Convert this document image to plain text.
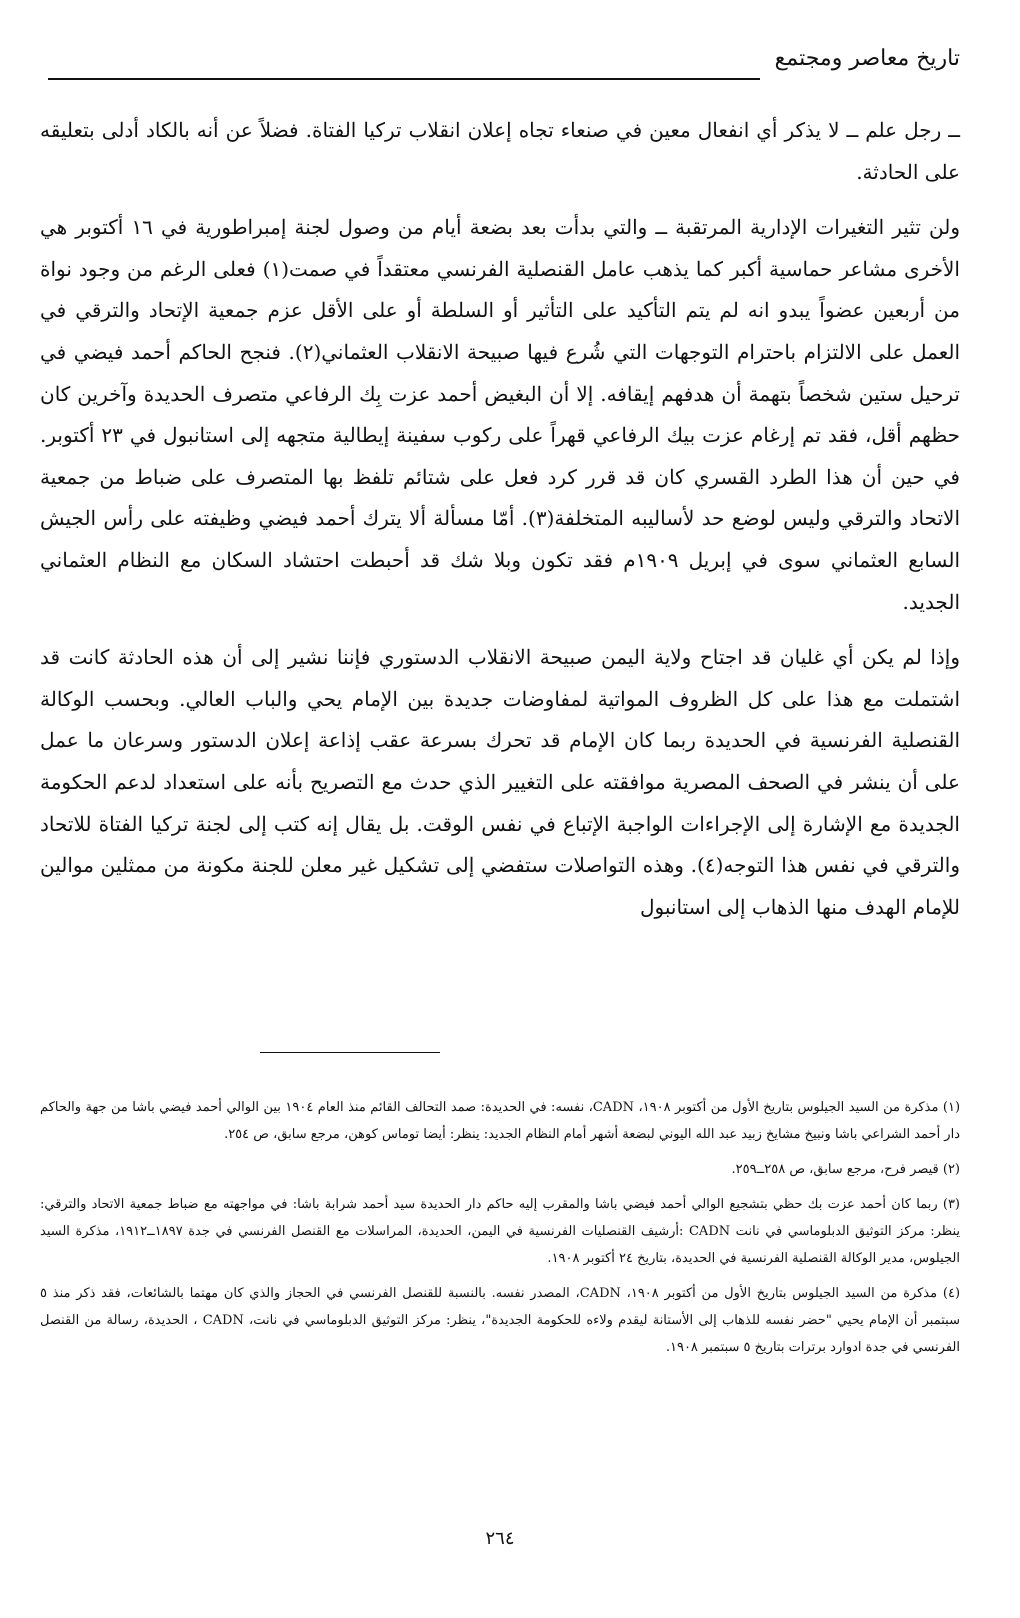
تاريخ معاصر ومجتمع

ــ رجل علم ــ لا يذكر أي انفعال معين في صنعاء تجاه إعلان انقلاب تركيا الفتاة. فضلاً عن أنه بالكاد أدلى بتعليقه على الحادثة.

ولن تثير التغيرات الإدارية المرتقبة ــ والتي بدأت بعد بضعة أيام من وصول لجنة إمبراطورية في ١٦ أكتوبر هي الأخرى مشاعر حماسية أكبر كما يذهب عامل القنصلية الفرنسي معتقداً في صمت(١) فعلى الرغم من وجود نواة من أربعين عضواً يبدو انه لم يتم التأكيد على التأثير أو السلطة أو على الأقل عزم جمعية الإتحاد والترقي في العمل على الالتزام باحترام التوجهات التي شُرع فيها صبيحة الانقلاب العثماني(٢). فنجح الحاكم أحمد فيضي في ترحيل ستين شخصاً بتهمة أن هدفهم إيقافه. إلا أن البغيض أحمد عزت بِك الرفاعي متصرف الحديدة وآخرين كان حظهم أقل، فقد تم إرغام عزت بيك الرفاعي قهراً على ركوب سفينة إيطالية متجهه إلى استانبول في ٢٣ أكتوبر. في حين أن هذا الطرد القسري كان قد قرر كرد فعل على شتائم تلفظ بها المتصرف على ضباط من جمعية الاتحاد والترقي وليس لوضع حد لأساليبه المتخلفة(٣). أمّا مسألة ألا يترك أحمد فيضي وظيفته على رأس الجيش السابع العثماني سوى في إبريل ١٩٠٩م فقد تكون وبلا شك قد أحبطت احتشاد السكان مع النظام العثماني الجديد.

وإذا لم يكن أي غليان قد اجتاح ولاية اليمن صبيحة الانقلاب الدستوري فإننا نشير إلى أن هذه الحادثة كانت قد اشتملت مع هذا على كل الظروف المواتية لمفاوضات جديدة بين الإمام يحي والباب العالي. وبحسب الوكالة القنصلية الفرنسية في الحديدة ربما كان الإمام قد تحرك بسرعة عقب إذاعة إعلان الدستور وسرعان ما عمل على أن ينشر في الصحف المصرية موافقته على التغيير الذي حدث مع التصريح بأنه على استعداد لدعم الحكومة الجديدة مع الإشارة إلى الإجراءات الواجبة الإتباع في نفس الوقت. بل يقال إنه كتب إلى لجنة تركيا الفتاة للاتحاد والترقي في نفس هذا التوجه(٤). وهذه التواصلات ستفضي إلى تشكيل غير معلن للجنة مكونة من ممثلين موالين للإمام الهدف منها الذهاب إلى استانبول

(١) مذكرة من السيد الجيلوس بتاريخ الأول من أكتوبر ١٩٠٨، CADN، نفسه: في الحديدة: صمد التحالف القائم منذ العام ١٩٠٤ بين الوالي أحمد فيضي باشا من جهة والحاكم دار أحمد الشراعي باشا ونبيخ مشايخ زبيد عبد الله اليوني لبضعة أشهر أمام النظام الجديد: ينظر: أيضا توماس كوهن، مرجع سابق، ص ٢٥٤.

(٢) قيصر فرح، مرجع سابق، ص ٢٥٨ــ٢٥٩.

(٣) ربما كان أحمد عزت بك حظي بتشجيع الوالي أحمد فيضي باشا والمقرب إليه حاكم دار الحديدة سيد أحمد شرابة باشا: في مواجهته مع ضباط جمعية الاتحاد والترقي: ينظر: مركز التوثيق الدبلوماسي في نانت CADN :أرشيف القنصليات الفرنسية في اليمن، الحديدة، المراسلات مع القنصل الفرنسي في جدة ١٨٩٧ــ١٩١٢، مذكرة السيد الجيلوس، مدير الوكالة القنصلية الفرنسية في الحديدة، بتاريخ ٢٤ أكتوبر ١٩٠٨.

(٤) مذكرة من السيد الجيلوس بتاريخ الأول من أكتوبر ١٩٠٨، CADN، المصدر نفسه. بالنسبة للقنصل الفرنسي في الحجاز والذي كان مهتما بالشائعات، فقد ذكر منذ ٥ سبتمبر أن الإمام يحيي "حضر نفسه للذهاب إلى الأستانة ليقدم ولاءه للحكومة الجديدة"، ينظر: مركز التوثيق الدبلوماسي في نانت، CADN ، الحديدة، رسالة من القنصل الفرنسي في جدة ادوارد برترات بتاريخ ٥ سبتمبر ١٩٠٨.

٢٦٤
